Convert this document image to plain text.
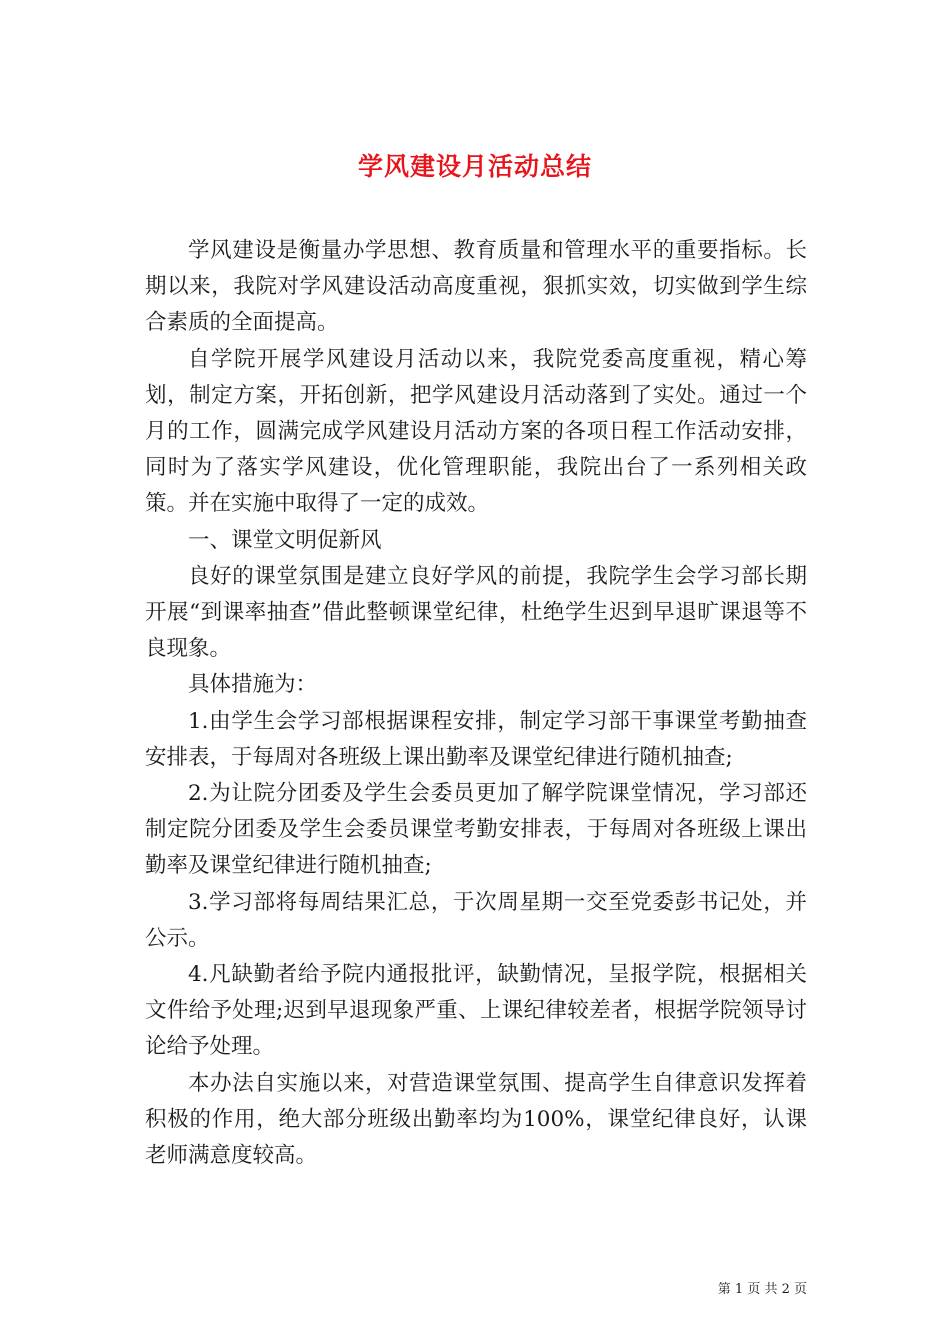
学风建设月活动总结

学风建设是衡量办学思想、教育质量和管理水平的重要指标。长期以来，我院对学风建设活动高度重视，狠抓实效，切实做到学生综合素质的全面提高。

自学院开展学风建设月活动以来，我院党委高度重视，精心筹划，制定方案，开拓创新，把学风建设月活动落到了实处。通过一个月的工作，圆满完成学风建设月活动方案的各项日程工作活动安排，同时为了落实学风建设，优化管理职能，我院出台了一系列相关政策。并在实施中取得了一定的成效。

一、课堂文明促新风

良好的课堂氛围是建立良好学风的前提，我院学生会学习部长期开展“到课率抽查”借此整顿课堂纪律，杜绝学生迟到早退旷课退等不良现象。

具体措施为：

1.由学生会学习部根据课程安排，制定学习部干事课堂考勤抽查安排表，于每周对各班级上课出勤率及课堂纪律进行随机抽查;

2.为让院分团委及学生会委员更加了解学院课堂情况，学习部还制定院分团委及学生会委员课堂考勤安排表，于每周对各班级上课出勤率及课堂纪律进行随机抽查;

3.学习部将每周结果汇总，于次周星期一交至党委彭书记处，并公示。

4.凡缺勤者给予院内通报批评，缺勤情况，呈报学院，根据相关文件给予处理;迟到早退现象严重、上课纪律较差者，根据学院领导讨论给予处理。

本办法自实施以来，对营造课堂氛围、提高学生自律意识发挥着积极的作用，绝大部分班级出勤率均为100%，课堂纪律良好，认课老师满意度较高。

第 1 页 共 2 页
